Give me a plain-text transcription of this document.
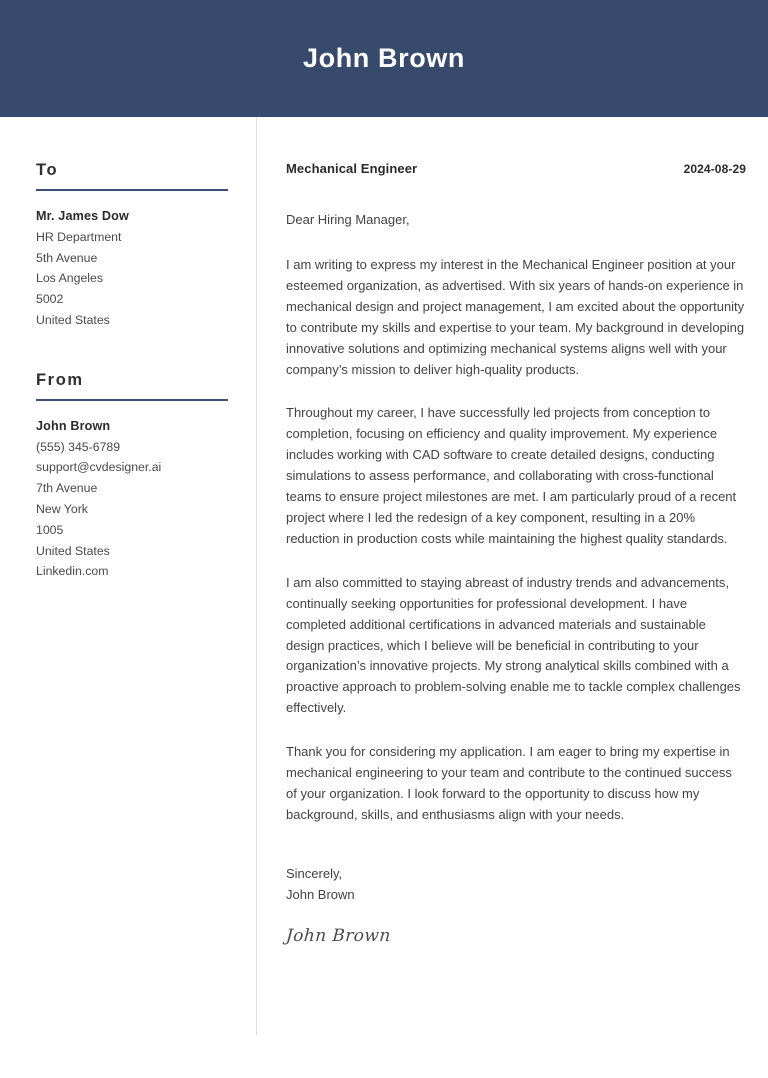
John Brown
To
Mr. James Dow
HR Department
5th Avenue
Los Angeles
5002
United States
From
John Brown
(555) 345-6789
support@cvdesigner.ai
7th Avenue
New York
1005
United States
Linkedin.com
Mechanical Engineer	2024-08-29

Dear Hiring Manager,

I am writing to express my interest in the Mechanical Engineer position at your esteemed organization, as advertised. With six years of hands-on experience in mechanical design and project management, I am excited about the opportunity to contribute my skills and expertise to your team. My background in developing innovative solutions and optimizing mechanical systems aligns well with your company’s mission to deliver high-quality products.

Throughout my career, I have successfully led projects from conception to completion, focusing on efficiency and quality improvement. My experience includes working with CAD software to create detailed designs, conducting simulations to assess performance, and collaborating with cross-functional teams to ensure project milestones are met. I am particularly proud of a recent project where I led the redesign of a key component, resulting in a 20% reduction in production costs while maintaining the highest quality standards.

I am also committed to staying abreast of industry trends and advancements, continually seeking opportunities for professional development. I have completed additional certifications in advanced materials and sustainable design practices, which I believe will be beneficial in contributing to your organization’s innovative projects. My strong analytical skills combined with a proactive approach to problem-solving enable me to tackle complex challenges effectively.

Thank you for considering my application. I am eager to bring my expertise in mechanical engineering to your team and contribute to the continued success of your organization. I look forward to the opportunity to discuss how my background, skills, and enthusiasms align with your needs.

Sincerely,
John Brown
John Brown
